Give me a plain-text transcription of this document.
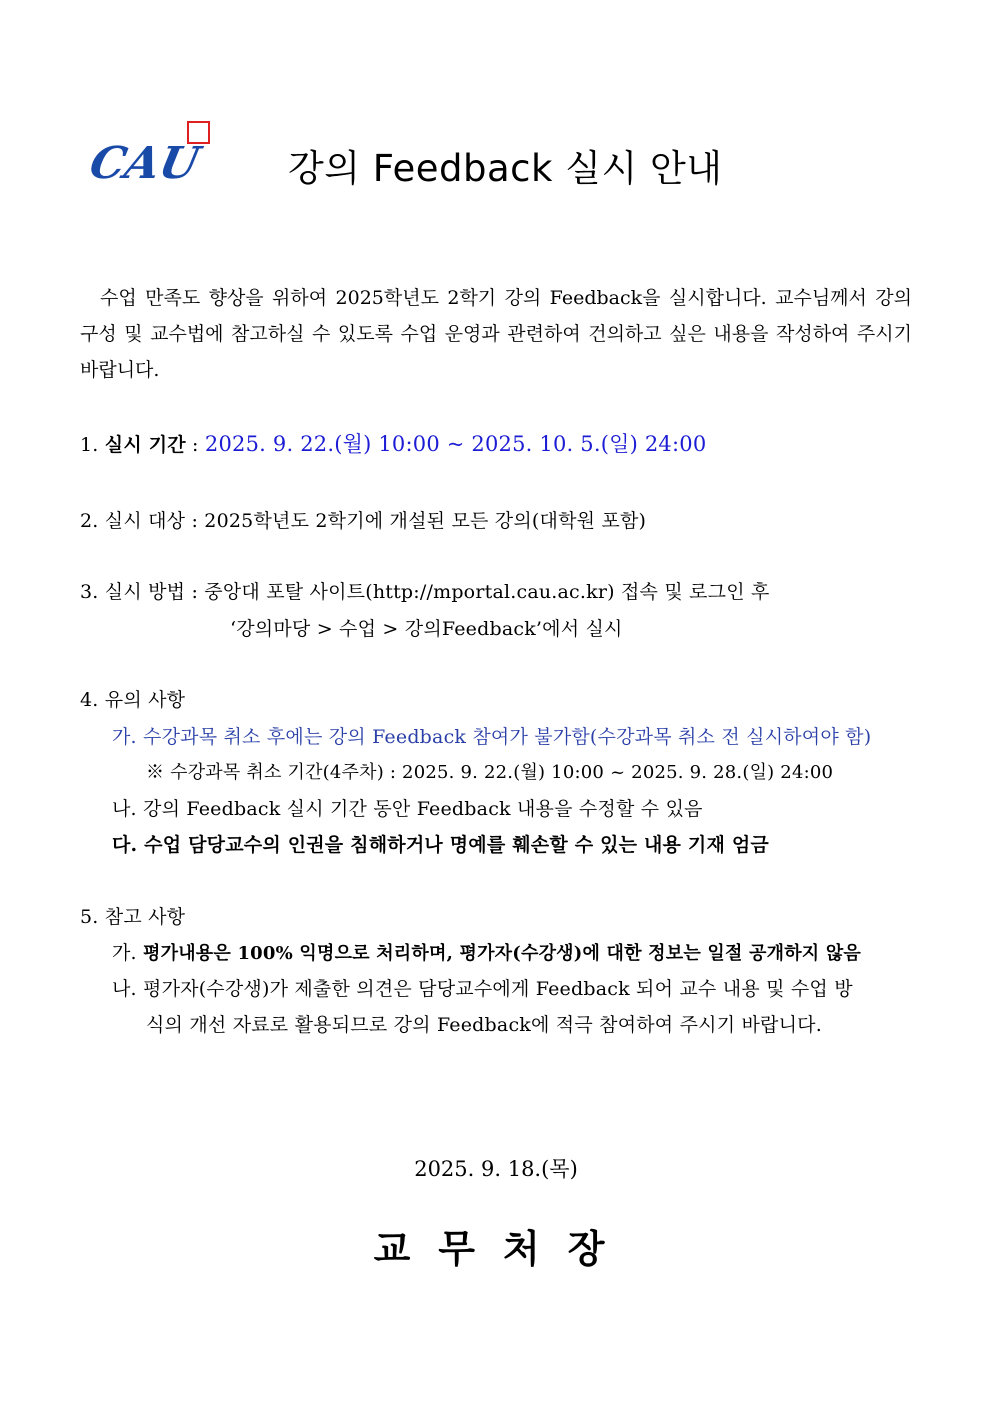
CAU 강의 Feedback 실시 안내

수업 만족도 향상을 위하여 2025학년도 2학기 강의 Feedback을 실시합니다. 교수님께서 강의 구성 및 교수법에 참고하실 수 있도록 수업 운영과 관련하여 건의하고 싶은 내용을 작성하여 주시기 바랍니다.

1. 실시 기간 : 2025. 9. 22.(월) 10:00 ~ 2025. 10. 5.(일) 24:00
2. 실시 대상 : 2025학년도 2학기에 개설된 모든 강의(대학원 포함)
3. 실시 방법 : 중앙대 포탈 사이트(http://mportal.cau.ac.kr) 접속 및 로그인 후
‘강의마당 > 수업 > 강의Feedback’에서 실시
4. 유의 사항
가. 수강과목 취소 후에는 강의 Feedback 참여가 불가함(수강과목 취소 전 실시하여야 함)
※ 수강과목 취소 기간(4주차) : 2025. 9. 22.(월) 10:00 ~ 2025. 9. 28.(일) 24:00
나. 강의 Feedback 실시 기간 동안 Feedback 내용을 수정할 수 있음
다. 수업 담당교수의 인권을 침해하거나 명예를 훼손할 수 있는 내용 기재 엄금
5. 참고 사항
가. 평가내용은 100% 익명으로 처리하며, 평가자(수강생)에 대한 정보는 일절 공개하지 않음
나. 평가자(수강생)가 제출한 의견은 담당교수에게 Feedback 되어 교수 내용 및 수업 방
식의 개선 자료로 활용되므로 강의 Feedback에 적극 참여하여 주시기 바랍니다.
2025. 9. 18.(목)
교무처장
